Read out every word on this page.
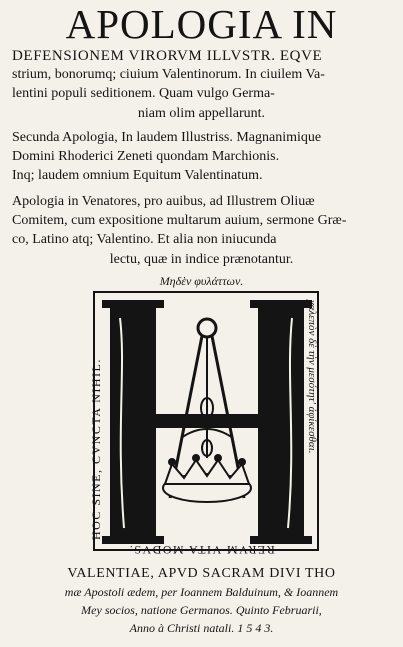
APOLOGIA IN
DEFENSIONEM VIRORVM ILLVSTR. EQVE
strium, bonorumq; ciuium Valentinorum. In ciuilem Va-
lentini populi seditionem. Quam vulgo Germa-
niam olim appellarunt.
Secunda Apologia, In laudem Illustriss. Magnanimique
Domini Rhoderici Zeneti quondam Marchionis.
Inq; laudem omnium Equitum Valentinatum.
Apologia in Venatores, pro auibus, ad Illustrem Oliuæ
Comitem, cum expositione multarum auium, sermone Græ-
co, Latino atq; Valentino. Et alia non iniucunda
lectu, quæ in indice prænotantur.
Μηδὲν φυλάττων.
HOC SINE, CVNCTA NIHIL.	χαλεπὸν δὲ τὴν μεσότητ' ἀφίκεσθαι.
RERVM VITA MODVS.
VALENTIAE, APVD SACRAM DIVI THO
mæ Apostoli ædem, per Ioannem Balduinum, & Ioannem
Mey socios, natione Germanos. Quinto Februarii,
Anno à Christi natali. 1 5 4 3.
